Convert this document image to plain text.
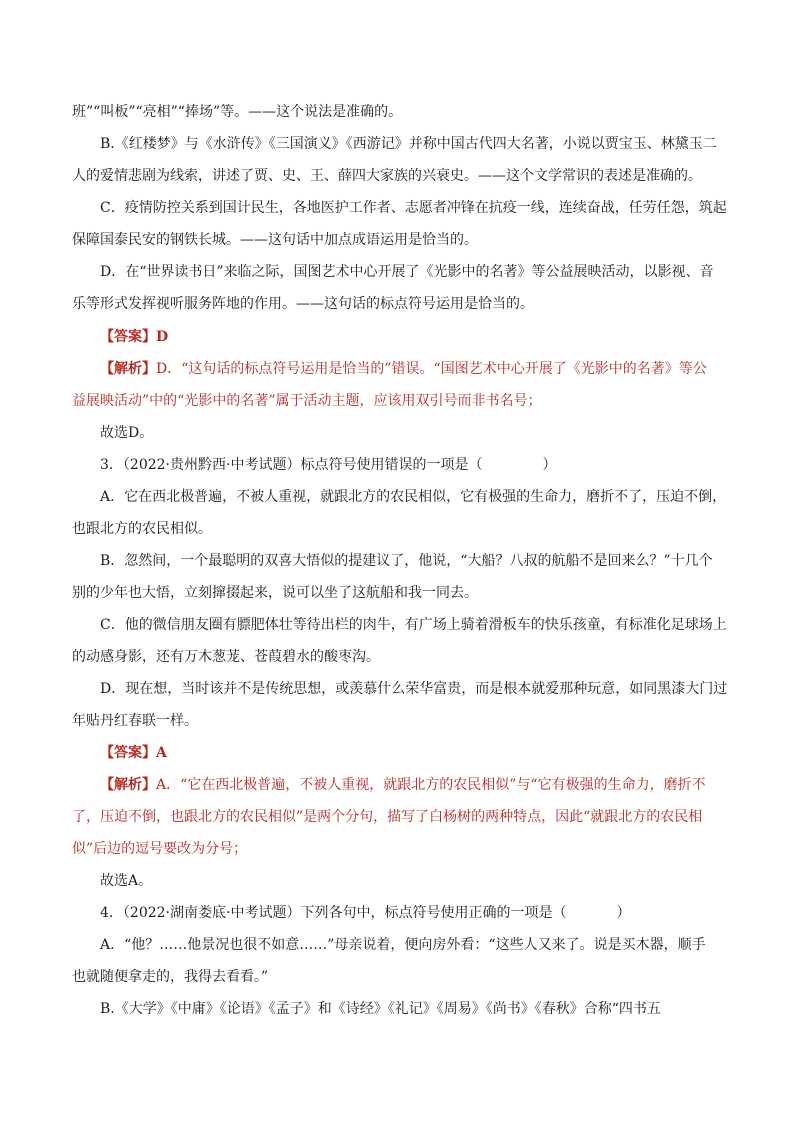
班”“叫板”“亮相”“捧场”等。——这个说法是准确的。
B.《红楼梦》与《水浒传》《三国演义》《西游记》并称中国古代四大名著，小说以贾宝玉、林黛玉二
人的爱情悲剧为线索，讲述了贾、史、王、薛四大家族的兴衰史。——这个文学常识的表述是准确的。
C．疫情防控关系到国计民生，各地医护工作者、志愿者冲锋在抗疫一线，连续奋战，任劳任怨，筑起
保障国泰民安的钢铁长城。——这句话中加点成语运用是恰当的。
D．在“世界读书日”来临之际，国图艺术中心开展了《光影中的名著》等公益展映活动，以影视、音
乐等形式发挥视听服务阵地的作用。——这句话的标点符号运用是恰当的。
【答案】D
【解析】D．“这句话的标点符号运用是恰当的”错误。“国图艺术中心开展了《光影中的名著》等公
益展映活动”中的“光影中的名著”属于活动主题，应该用双引号而非书名号；
故选D。
3．（2022·贵州黔西·中考试题）标点符号使用错误的一项是（	）
A．它在西北极普遍，不被人重视，就跟北方的农民相似，它有极强的生命力，磨折不了，压迫不倒，
也跟北方的农民相似。
B．忽然间，一个最聪明的双喜大悟似的提建议了，他说，“大船？八叔的航船不是回来么？”十几个
别的少年也大悟，立刻撺掇起来，说可以坐了这航船和我一同去。
C．他的微信朋友圈有膘肥体壮等待出栏的肉牛，有广场上骑着滑板车的快乐孩童，有标准化足球场上
的动感身影，还有万木葱茏、苍葭碧水的酸枣沟。
D．现在想，当时该并不是传统思想，或羡慕什么荣华富贵，而是根本就爱那种玩意，如同黑漆大门过
年贴丹红春联一样。
【答案】A
【解析】A．“它在西北极普遍，不被人重视，就跟北方的农民相似”与“它有极强的生命力，磨折不
了，压迫不倒，也跟北方的农民相似”是两个分句，描写了白杨树的两种特点，因此“就跟北方的农民相
似”后边的逗号要改为分号；
故选A。
4．（2022·湖南娄底·中考试题）下列各句中，标点符号使用正确的一项是（	）
A．“他？……他景况也很不如意……”母亲说着，便向房外看：“这些人又来了。说是买木器，顺手
也就随便拿走的，我得去看看。”
B.《大学》《中庸》《论语》《孟子》和《诗经》《礼记》《周易》《尚书》《春秋》合称“四书五
